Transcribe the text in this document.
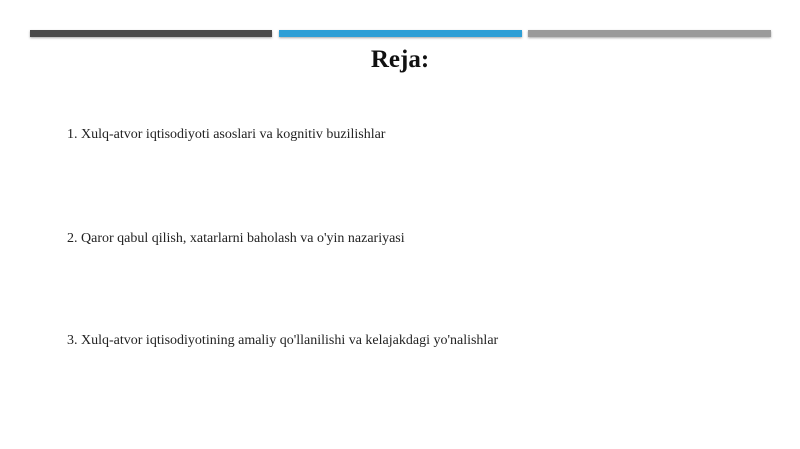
Reja:
1. Xulq-atvor iqtisodiyoti asoslari va kognitiv buzilishlar
2. Qaror qabul qilish, xatarlarni baholash va o'yin nazariyasi
3. Xulq-atvor iqtisodiyotining amaliy qo'llanilishi va kelajakdagi yo'nalishlar
